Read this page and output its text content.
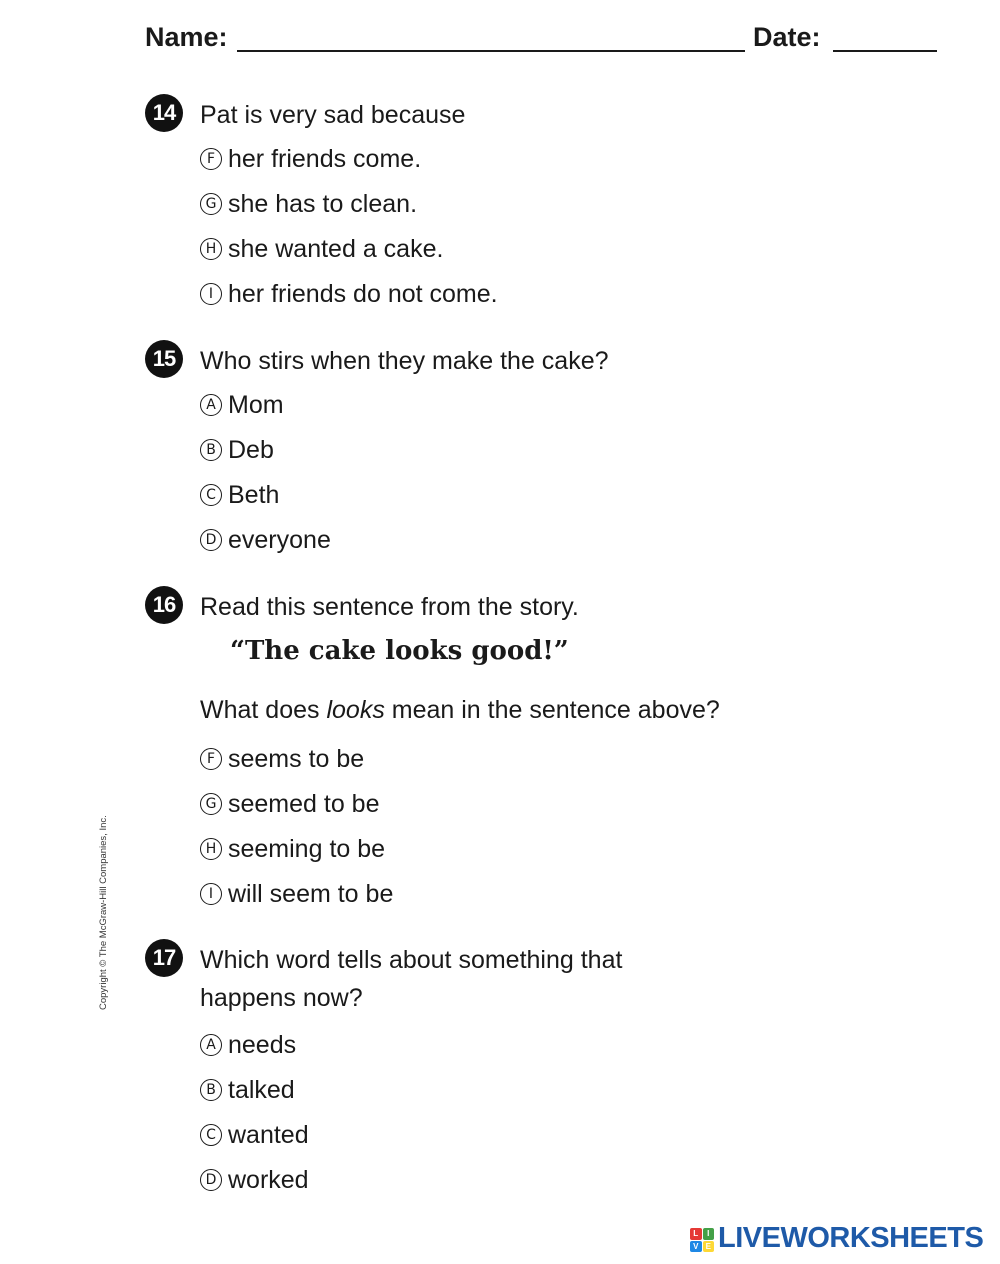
Name:	Date:
14 Pat is very sad because
F her friends come.
G she has to clean.
H she wanted a cake.
I her friends do not come.
15 Who stirs when they make the cake?
A Mom
B Deb
C Beth
D everyone
16 Read this sentence from the story.
“The cake looks good!”
What does looks mean in the sentence above?
F seems to be
G seemed to be
H seeming to be
I will seem to be
17 Which word tells about something that
happens now?
A needs
B talked
C wanted
D worked
Copyright © The McGraw-Hill Companies, Inc.
L	I
V E LIVEWORKSHEETS
